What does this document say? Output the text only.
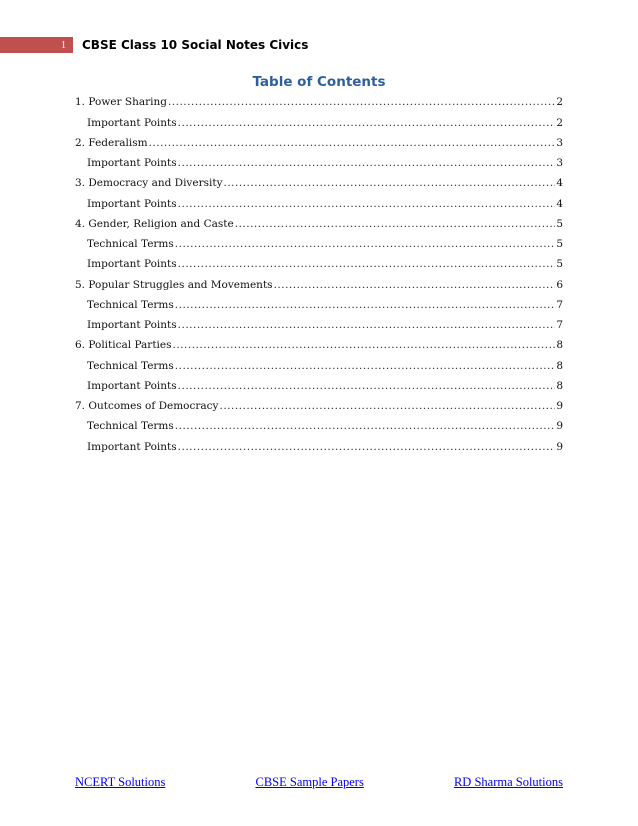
1 CBSE Class 10 Social Notes Civics
Table of Contents
1. Power Sharing .....	2
Important Points .....	2
2. Federalism .....	3
Important Points .....	3
3. Democracy and Diversity .....	4
Important Points .....	4
4. Gender, Religion and Caste .....	5
Technical Terms .....	5
Important Points .....	5
5. Popular Struggles and Movements .....	6
Technical Terms .....	7
Important Points .....	7
6. Political Parties .....	8
Technical Terms .....	8
Important Points .....	8
7. Outcomes of Democracy .....	9
Technical Terms .....	9
Important Points .....	9
NCERT Solutions	CBSE Sample Papers	RD Sharma Solutions
